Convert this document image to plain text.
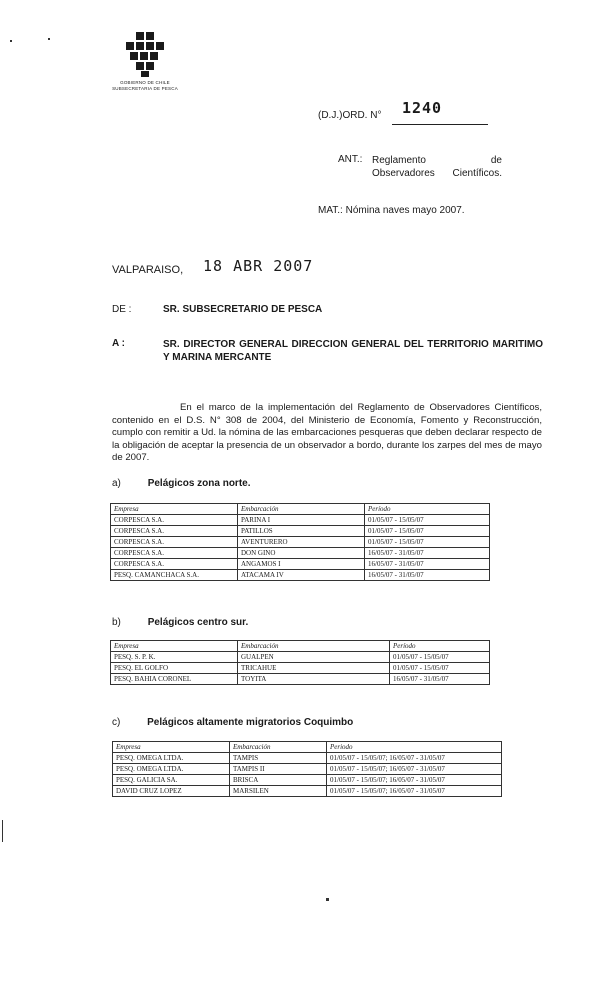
GOBIERNO DE CHILE
SUBSECRETARIA DE PESCA
(D.J.)ORD. N°	1240
ANT.: Reglamento de Observadores Científicos.
MAT.: Nómina naves mayo 2007.
VALPARAISO, 18 ABR 2007
DE :	SR. SUBSECRETARIO DE PESCA
A :	SR. DIRECTOR GENERAL DIRECCION GENERAL DEL TERRITORIO MARITIMO Y MARINA MERCANTE
En el marco de la implementación del Reglamento de Observadores Científicos, contenido en el D.S. N° 308 de 2004, del Ministerio de Economía, Fomento y Reconstrucción, cumplo con remitir a Ud. la nómina de las embarcaciones pesqueras que deben declarar respecto de la obligación de aceptar la presencia de un observador a bordo, durante los zarpes del mes de mayo de 2007.
a)	Pelágicos zona norte.
Empresa	Embarcación	Período
CORPESCA S.A.	PARINA I	01/05/07 - 15/05/07
CORPESCA S.A.	PATILLOS	01/05/07 - 15/05/07
CORPESCA S.A.	AVENTURERO	01/05/07 - 15/05/07
CORPESCA S.A.	DON GINO	16/05/07 - 31/05/07
CORPESCA S.A.	ANGAMOS I	16/05/07 - 31/05/07
PESQ. CAMANCHACA S.A.	ATACAMA IV	16/05/07 - 31/05/07
b)	Pelágicos centro sur.
Empresa	Embarcación	Período
PESQ. S. P. K.	GUALPEN	01/05/07 - 15/05/07
PESQ. EL GOLFO	TRICAHUE	01/05/07 - 15/05/07
PESQ. BAHIA CORONEL	TOYITA	16/05/07 - 31/05/07
c)	Pelágicos altamente migratorios Coquimbo
Empresa	Embarcación	Periodo
PESQ. OMEGA LTDA.	TAMPIS	01/05/07 - 15/05/07; 16/05/07 - 31/05/07
PESQ. OMEGA LTDA.	TAMPIS II	01/05/07 - 15/05/07; 16/05/07 - 31/05/07
PESQ. GALICIA SA.	BRISCA	01/05/07 - 15/05/07; 16/05/07 - 31/05/07
DAVID CRUZ LOPEZ	MARSILEN	01/05/07 - 15/05/07; 16/05/07 - 31/05/07
